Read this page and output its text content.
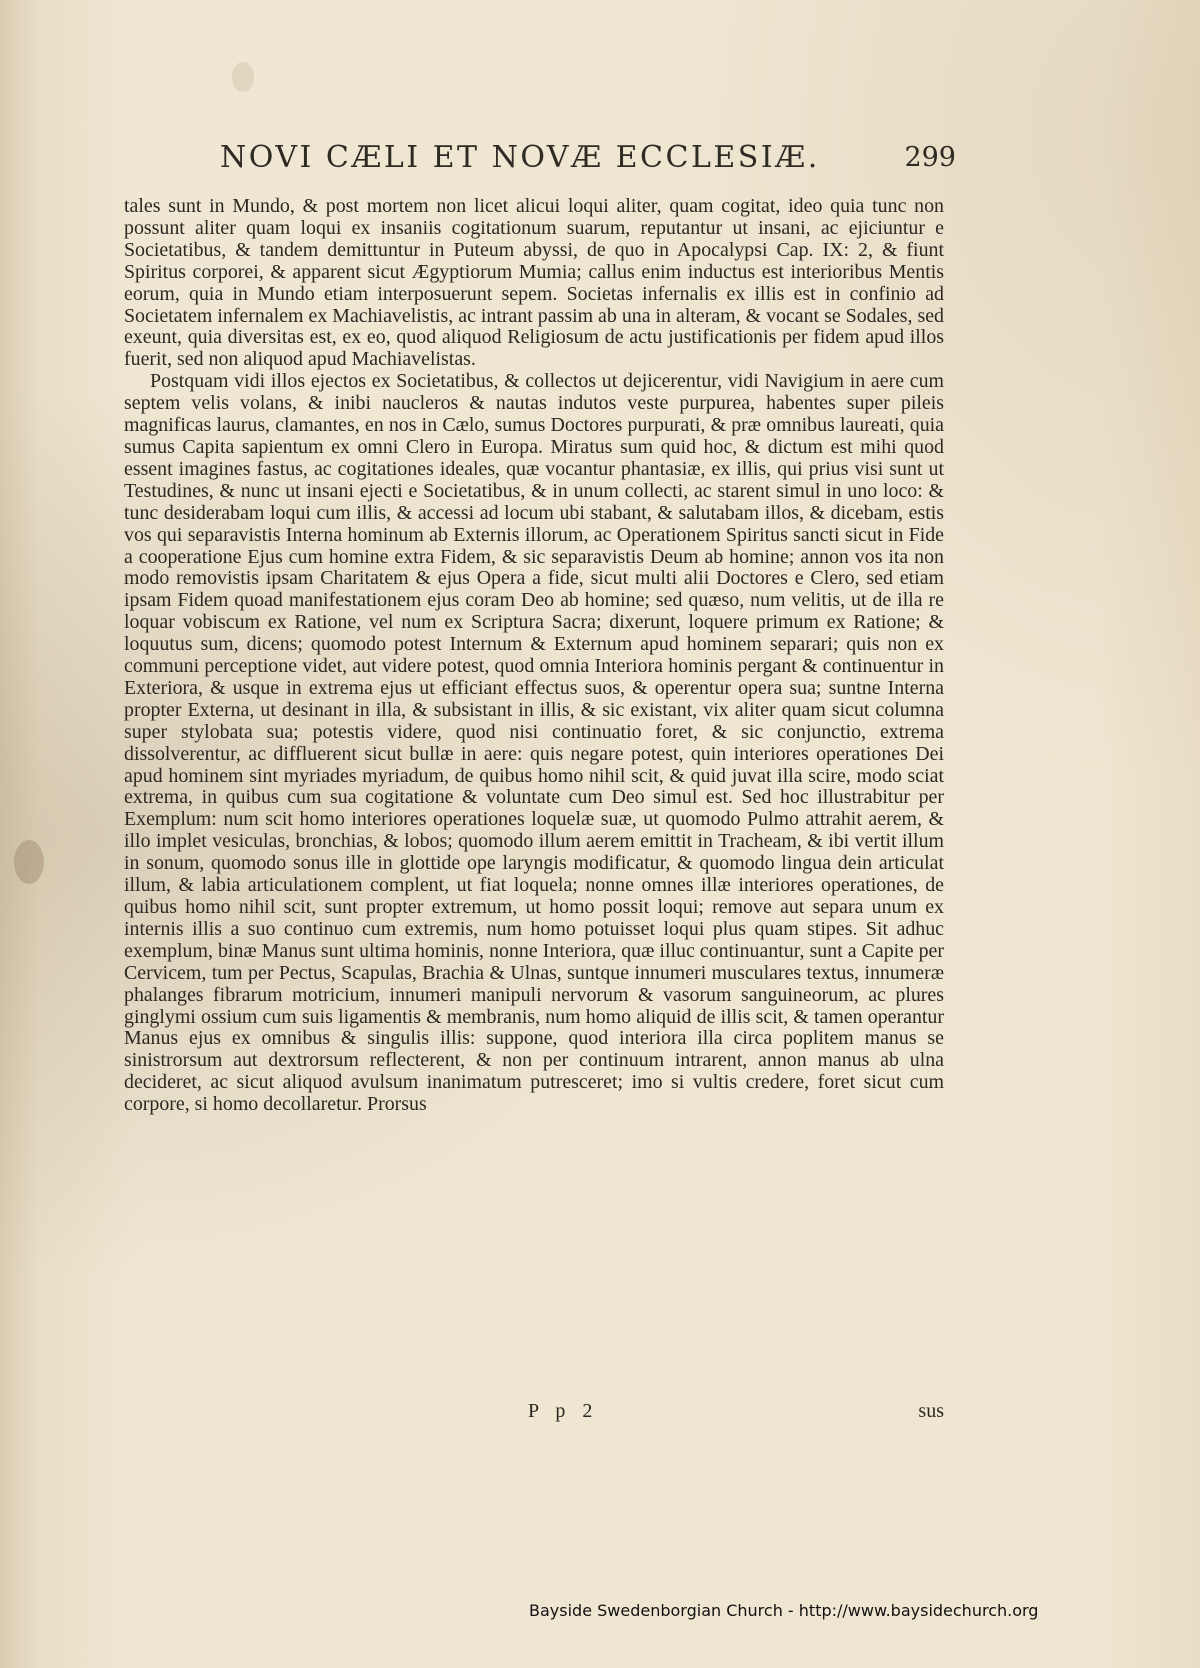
NOVI CÆLI ET NOVÆ ECCLESIÆ.	299

tales sunt in Mundo, & post mortem non licet alicui loqui aliter, quam cogitat, ideo quia tunc non possunt aliter quam loqui ex insaniis cogitationum suarum, reputantur ut insani, ac ejiciuntur e Societatibus, & tandem demittuntur in Puteum abyssi, de quo in Apocalypsi Cap. IX: 2, & fiunt Spiritus corporei, & apparent sicut Ægyptiorum Mumia; callus enim inductus est interioribus Mentis eorum, quia in Mundo etiam interposuerunt sepem. Societas infernalis ex illis est in confinio ad Societatem infernalem ex Machiavelistis, ac intrant passim ab una in alteram, & vocant se Sodales, sed exeunt, quia diversitas est, ex eo, quod aliquod Religiosum de actu justificationis per fidem apud illos fuerit, sed non aliquod apud Machiavelistas.

Postquam vidi illos ejectos ex Societatibus, & collectos ut dejicerentur, vidi Navigium in aere cum septem velis volans, & inibi naucleros & nautas indutos veste purpurea, habentes super pileis magnificas laurus, clamantes, en nos in Cælo, sumus Doctores purpurati, & præ omnibus laureati, quia sumus Capita sapientum ex omni Clero in Europa. Miratus sum quid hoc, & dictum est mihi quod essent imagines fastus, ac cogitationes ideales, quæ vocantur phantasiæ, ex illis, qui prius visi sunt ut Testudines, & nunc ut insani ejecti e Societatibus, & in unum collecti, ac starent simul in uno loco: & tunc desiderabam loqui cum illis, & accessi ad locum ubi stabant, & salutabam illos, & dicebam, estis vos qui separavistis Interna hominum ab Externis illorum, ac Operationem Spiritus sancti sicut in Fide a cooperatione Ejus cum homine extra Fidem, & sic separavistis Deum ab homine; annon vos ita non modo removistis ipsam Charitatem & ejus Opera a fide, sicut multi alii Doctores e Clero, sed etiam ipsam Fidem quoad manifestationem ejus coram Deo ab homine; sed quæso, num velitis, ut de illa re loquar vobiscum ex Ratione, vel num ex Scriptura Sacra; dixerunt, loquere primum ex Ratione; & loquutus sum, dicens; quomodo potest Internum & Externum apud hominem separari; quis non ex communi perceptione videt, aut videre potest, quod omnia Interiora hominis pergant & continuentur in Exteriora, & usque in extrema ejus ut efficiant effectus suos, & operentur opera sua; suntne Interna propter Externa, ut desinant in illa, & subsistant in illis, & sic existant, vix aliter quam sicut columna super stylobata sua; potestis videre, quod nisi continuatio foret, & sic conjunctio, extrema dissolverentur, ac diffluerent sicut bullæ in aere: quis negare potest, quin interiores operationes Dei apud hominem sint myriades myriadum, de quibus homo nihil scit, & quid juvat illa scire, modo sciat extrema, in quibus cum sua cogitatione & voluntate cum Deo simul est. Sed hoc illustrabitur per Exemplum: num scit homo interiores operationes loquelæ suæ, ut quomodo Pulmo attrahit aerem, & illo implet vesiculas, bronchias, & lobos; quomodo illum aerem emittit in Tracheam, & ibi vertit illum in sonum, quomodo sonus ille in glottide ope laryngis modificatur, & quomodo lingua dein articulat illum, & labia articulationem complent, ut fiat loquela; nonne omnes illæ interiores operationes, de quibus homo nihil scit, sunt propter extremum, ut homo possit loqui; remove aut separa unum ex internis illis a suo continuo cum extremis, num homo potuisset loqui plus quam stipes. Sit adhuc exemplum, binæ Manus sunt ultima hominis, nonne Interiora, quæ illuc continuantur, sunt a Capite per Cervicem, tum per Pectus, Scapulas, Brachia & Ulnas, suntque innumeri musculares textus, innumeræ phalanges fibrarum motricium, innumeri manipuli nervorum & vasorum sanguineorum, ac plures ginglymi ossium cum suis ligamentis & membranis, num homo aliquid de illis scit, & tamen operantur Manus ejus ex omnibus & singulis illis: suppone, quod interiora illa circa poplitem manus se sinistrorsum aut dextrorsum reflecterent, & non per continuum intrarent, annon manus ab ulna decideret, ac sicut aliquod avulsum inanimatum putresceret; imo si vultis credere, foret sicut cum corpore, si homo decollaretur. Prorsus

P p 2	sus
Bayside Swedenborgian Church - http://www.baysidechurch.org
